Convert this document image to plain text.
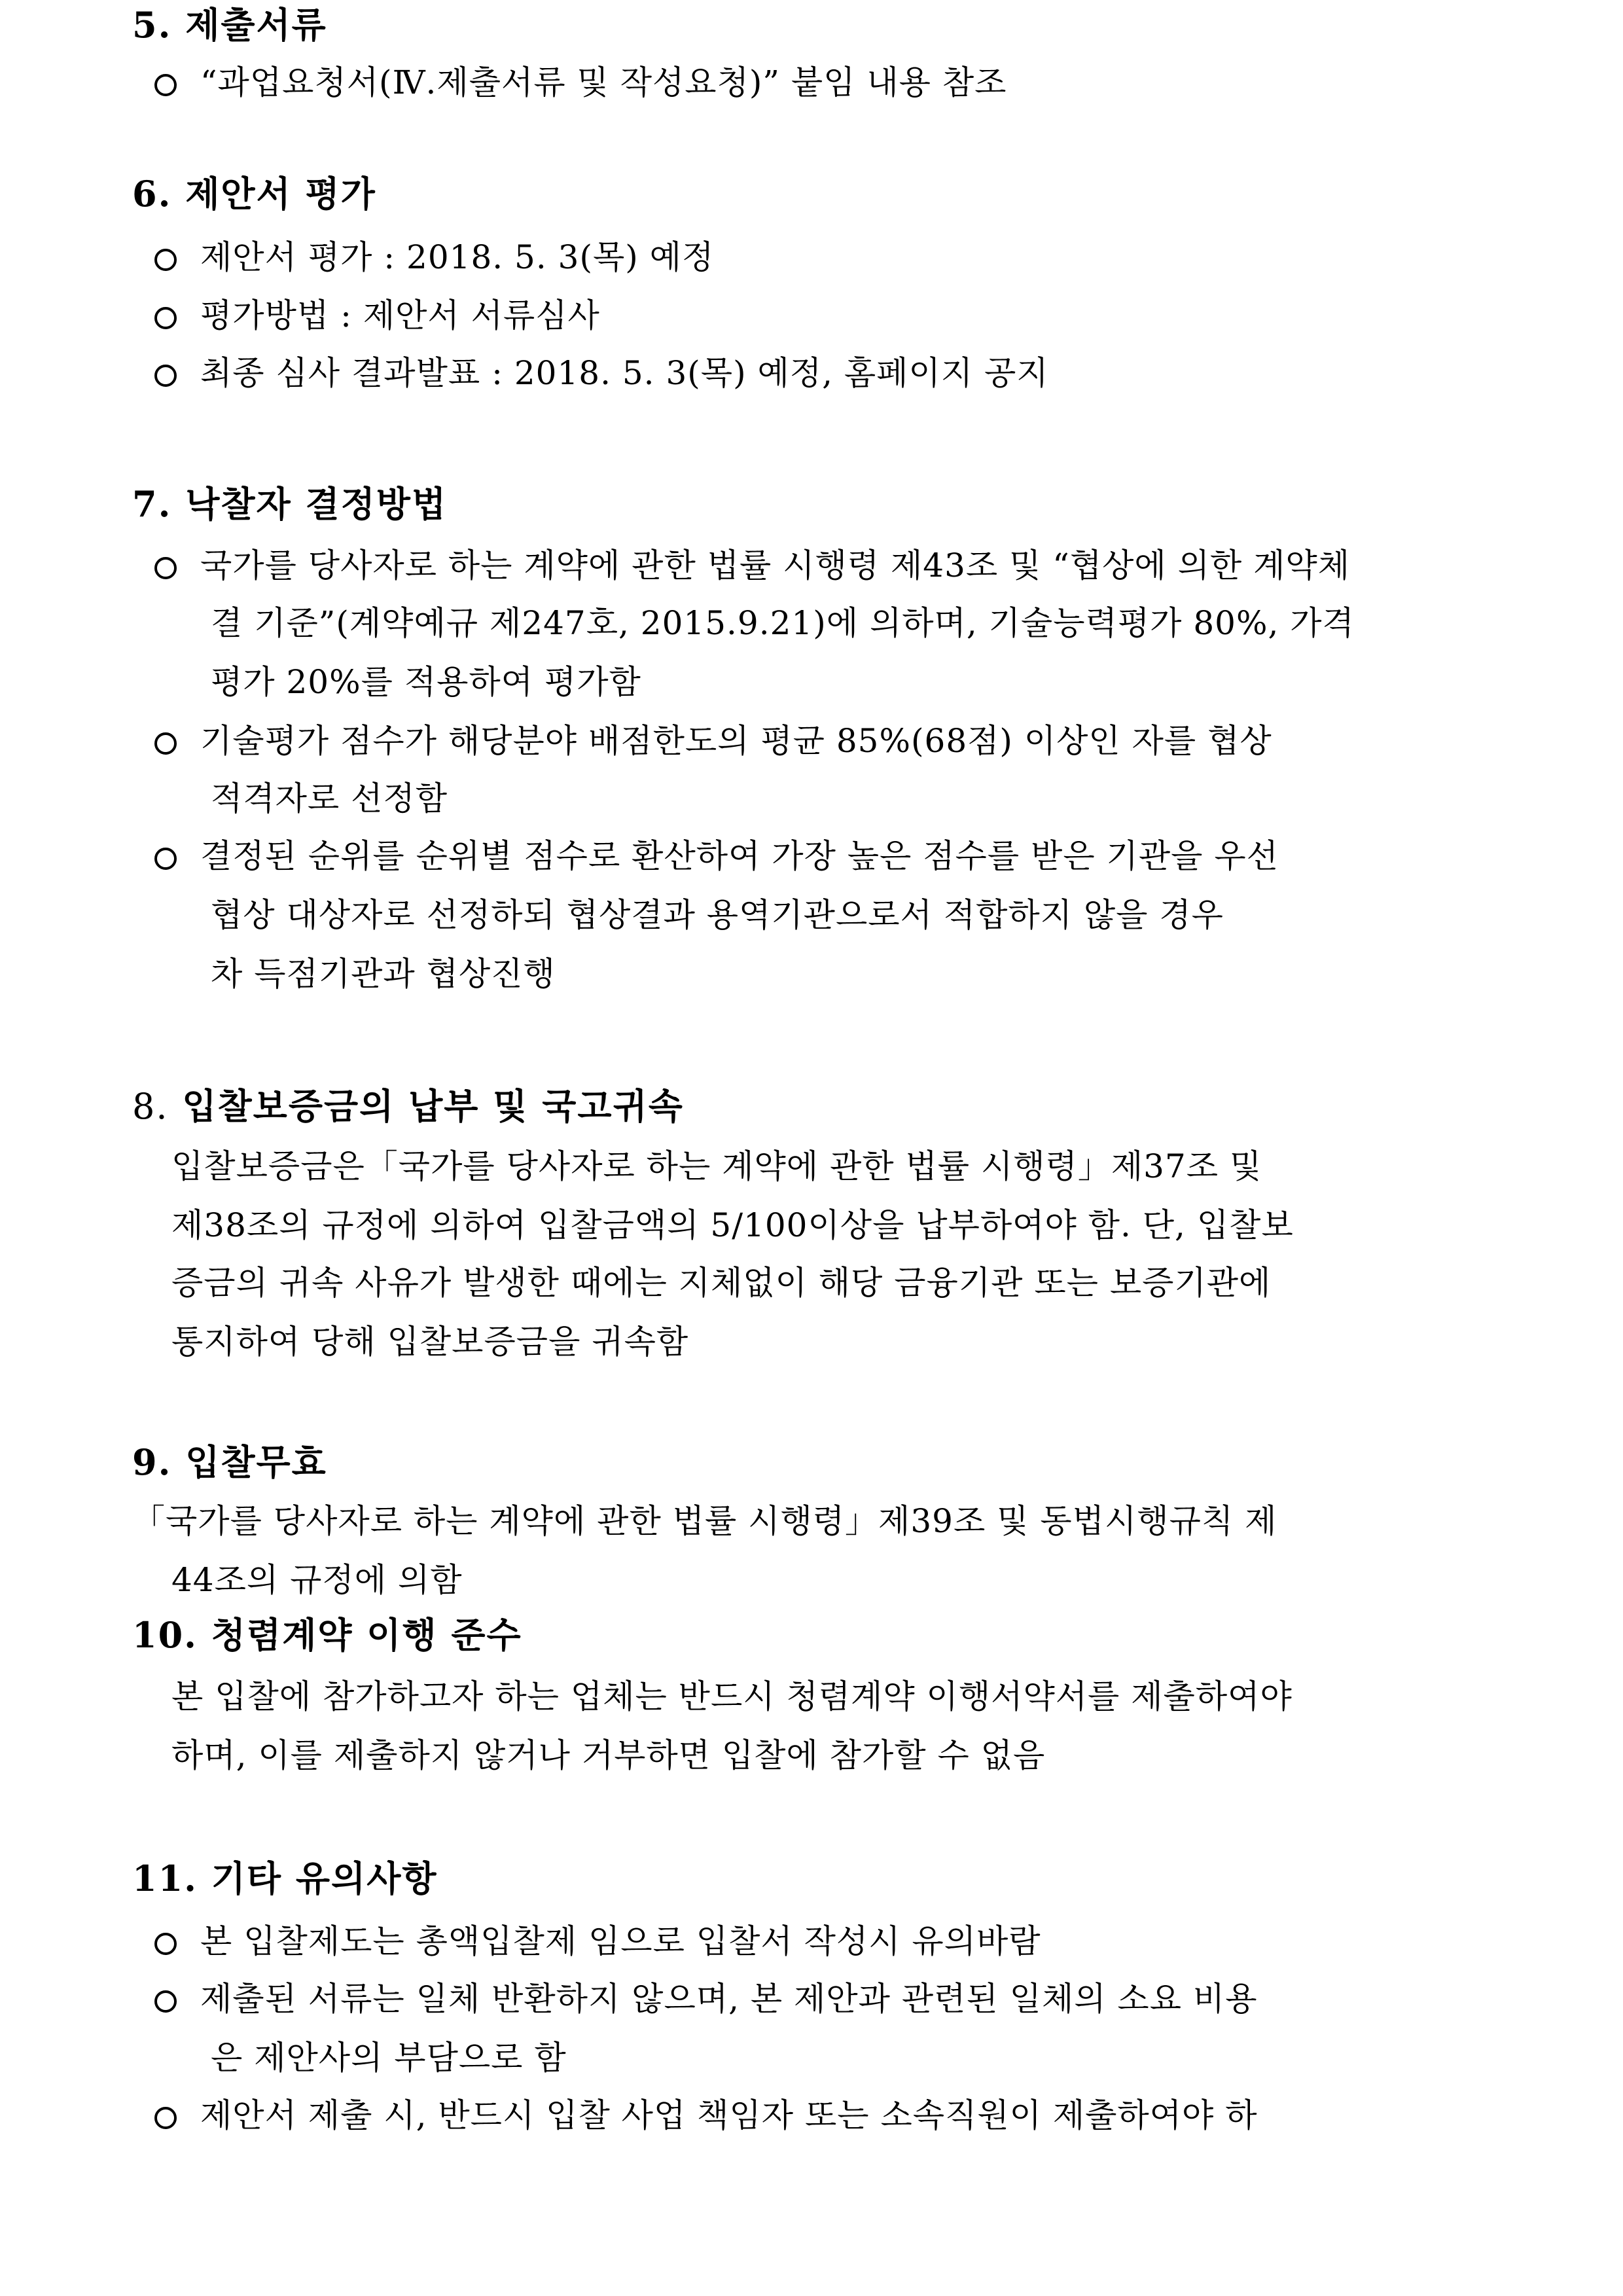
5. 제출서류
“과업요청서(Ⅳ.제출서류 및 작성요청)” 붙임 내용 참조
6. 제안서 평가
제안서 평가 : 2018. 5. 3(목) 예정
평가방법 : 제안서 서류심사
최종 심사 결과발표 : 2018. 5. 3(목) 예정, 홈페이지 공지
7. 낙찰자 결정방법
국가를 당사자로 하는 계약에 관한 법률 시행령 제43조 및 “협상에 의한 계약체
결 기준”(계약예규 제247호, 2015.9.21)에 의하며, 기술능력평가 80%, 가격
평가 20%를 적용하여 평가함
기술평가 점수가 해당분야 배점한도의 평균 85%(68점) 이상인 자를 협상
적격자로 선정함
결정된 순위를 순위별 점수로 환산하여 가장 높은 점수를 받은 기관을 우선
협상 대상자로 선정하되 협상결과 용역기관으로서 적합하지 않을 경우
차 득점기관과 협상진행
8. 입찰보증금의 납부 및 국고귀속
입찰보증금은「국가를 당사자로 하는 계약에 관한 법률 시행령」제37조 및
제38조의 규정에 의하여 입찰금액의 5/100이상을 납부하여야 함. 단, 입찰보
증금의 귀속 사유가 발생한 때에는 지체없이 해당 금융기관 또는 보증기관에
통지하여 당해 입찰보증금을 귀속함
9. 입찰무효
「국가를 당사자로 하는 계약에 관한 법률 시행령」제39조 및 동법시행규칙 제
44조의 규정에 의함
10. 청렴계약 이행 준수
본 입찰에 참가하고자 하는 업체는 반드시 청렴계약 이행서약서를 제출하여야
하며, 이를 제출하지 않거나 거부하면 입찰에 참가할 수 없음
11. 기타 유의사항
본 입찰제도는 총액입찰제 임으로 입찰서 작성시 유의바람
제출된 서류는 일체 반환하지 않으며, 본 제안과 관련된 일체의 소요 비용
은 제안사의 부담으로 함
제안서 제출 시, 반드시 입찰 사업 책임자 또는 소속직원이 제출하여야 하
